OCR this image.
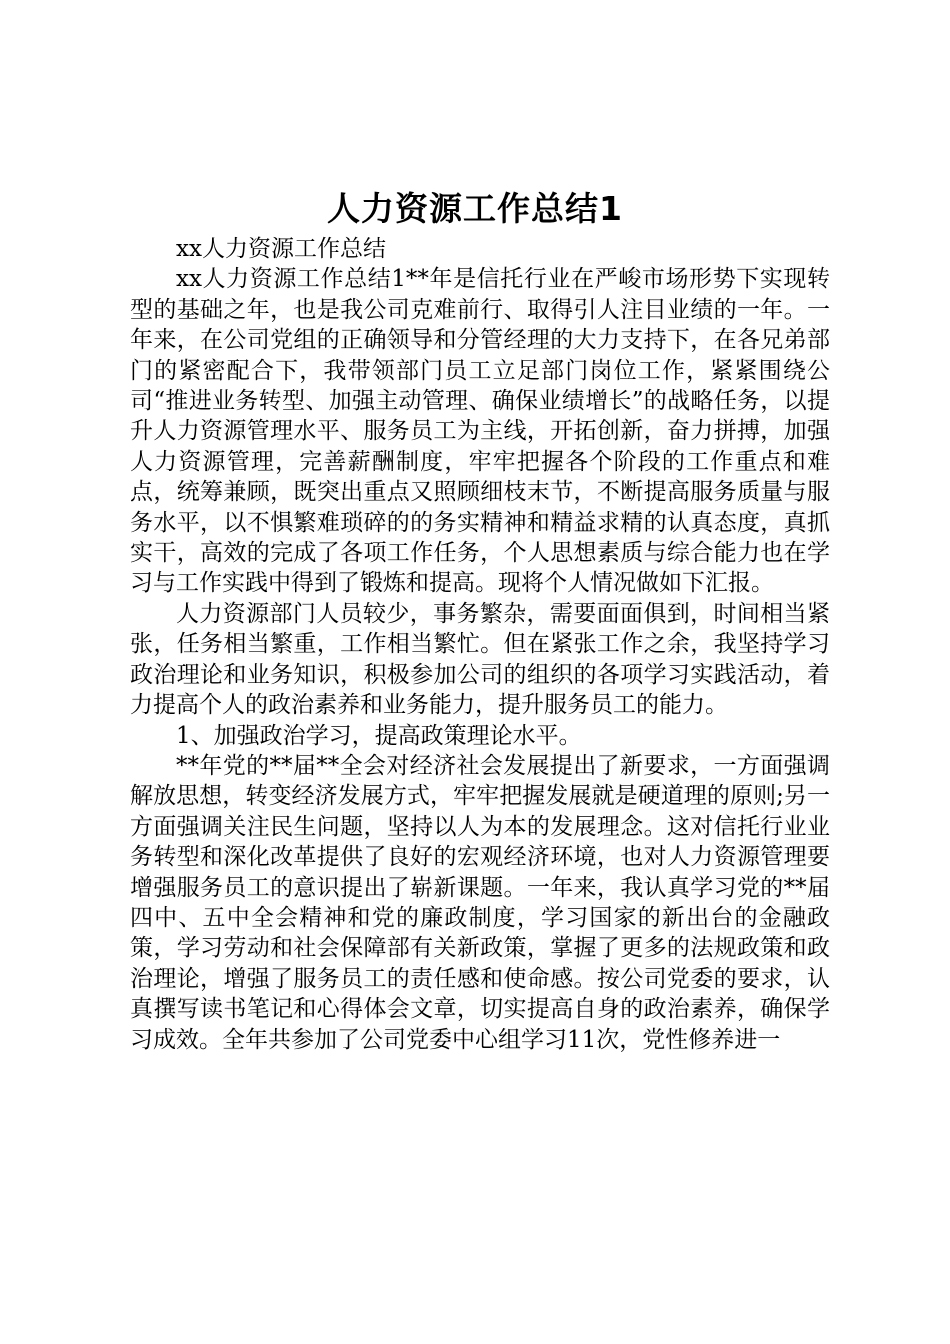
人力资源工作总结1

xx人力资源工作总结

xx人力资源工作总结1**年是信托行业在严峻市场形势下实现转型的基础之年，也是我公司克难前行、取得引人注目业绩的一年。一年来，在公司党组的正确领导和分管经理的大力支持下，在各兄弟部门的紧密配合下，我带领部门员工立足部门岗位工作，紧紧围绕公司“推进业务转型、加强主动管理、确保业绩增长”的战略任务，以提升人力资源管理水平、服务员工为主线，开拓创新，奋力拼搏，加强人力资源管理，完善薪酬制度，牢牢把握各个阶段的工作重点和难点，统筹兼顾，既突出重点又照顾细枝末节，不断提高服务质量与服务水平，以不惧繁难琐碎的的务实精神和精益求精的认真态度，真抓实干，高效的完成了各项工作任务，个人思想素质与综合能力也在学习与工作实践中得到了锻炼和提高。现将个人情况做如下汇报。

人力资源部门人员较少，事务繁杂，需要面面俱到，时间相当紧张，任务相当繁重，工作相当繁忙。但在紧张工作之余，我坚持学习政治理论和业务知识，积极参加公司的组织的各项学习实践活动，着力提高个人的政治素养和业务能力，提升服务员工的能力。

1、加强政治学习，提高政策理论水平。

**年党的**届**全会对经济社会发展提出了新要求，一方面强调解放思想，转变经济发展方式，牢牢把握发展就是硬道理的原则;另一方面强调关注民生问题，坚持以人为本的发展理念。这对信托行业业务转型和深化改革提供了良好的宏观经济环境，也对人力资源管理要增强服务员工的意识提出了崭新课题。一年来，我认真学习党的**届四中、五中全会精神和党的廉政制度，学习国家的新出台的金融政策，学习劳动和社会保障部有关新政策，掌握了更多的法规政策和政治理论，增强了服务员工的责任感和使命感。按公司党委的要求，认真撰写读书笔记和心得体会文章，切实提高自身的政治素养，确保学习成效。全年共参加了公司党委中心组学习11次，党性修养进一
